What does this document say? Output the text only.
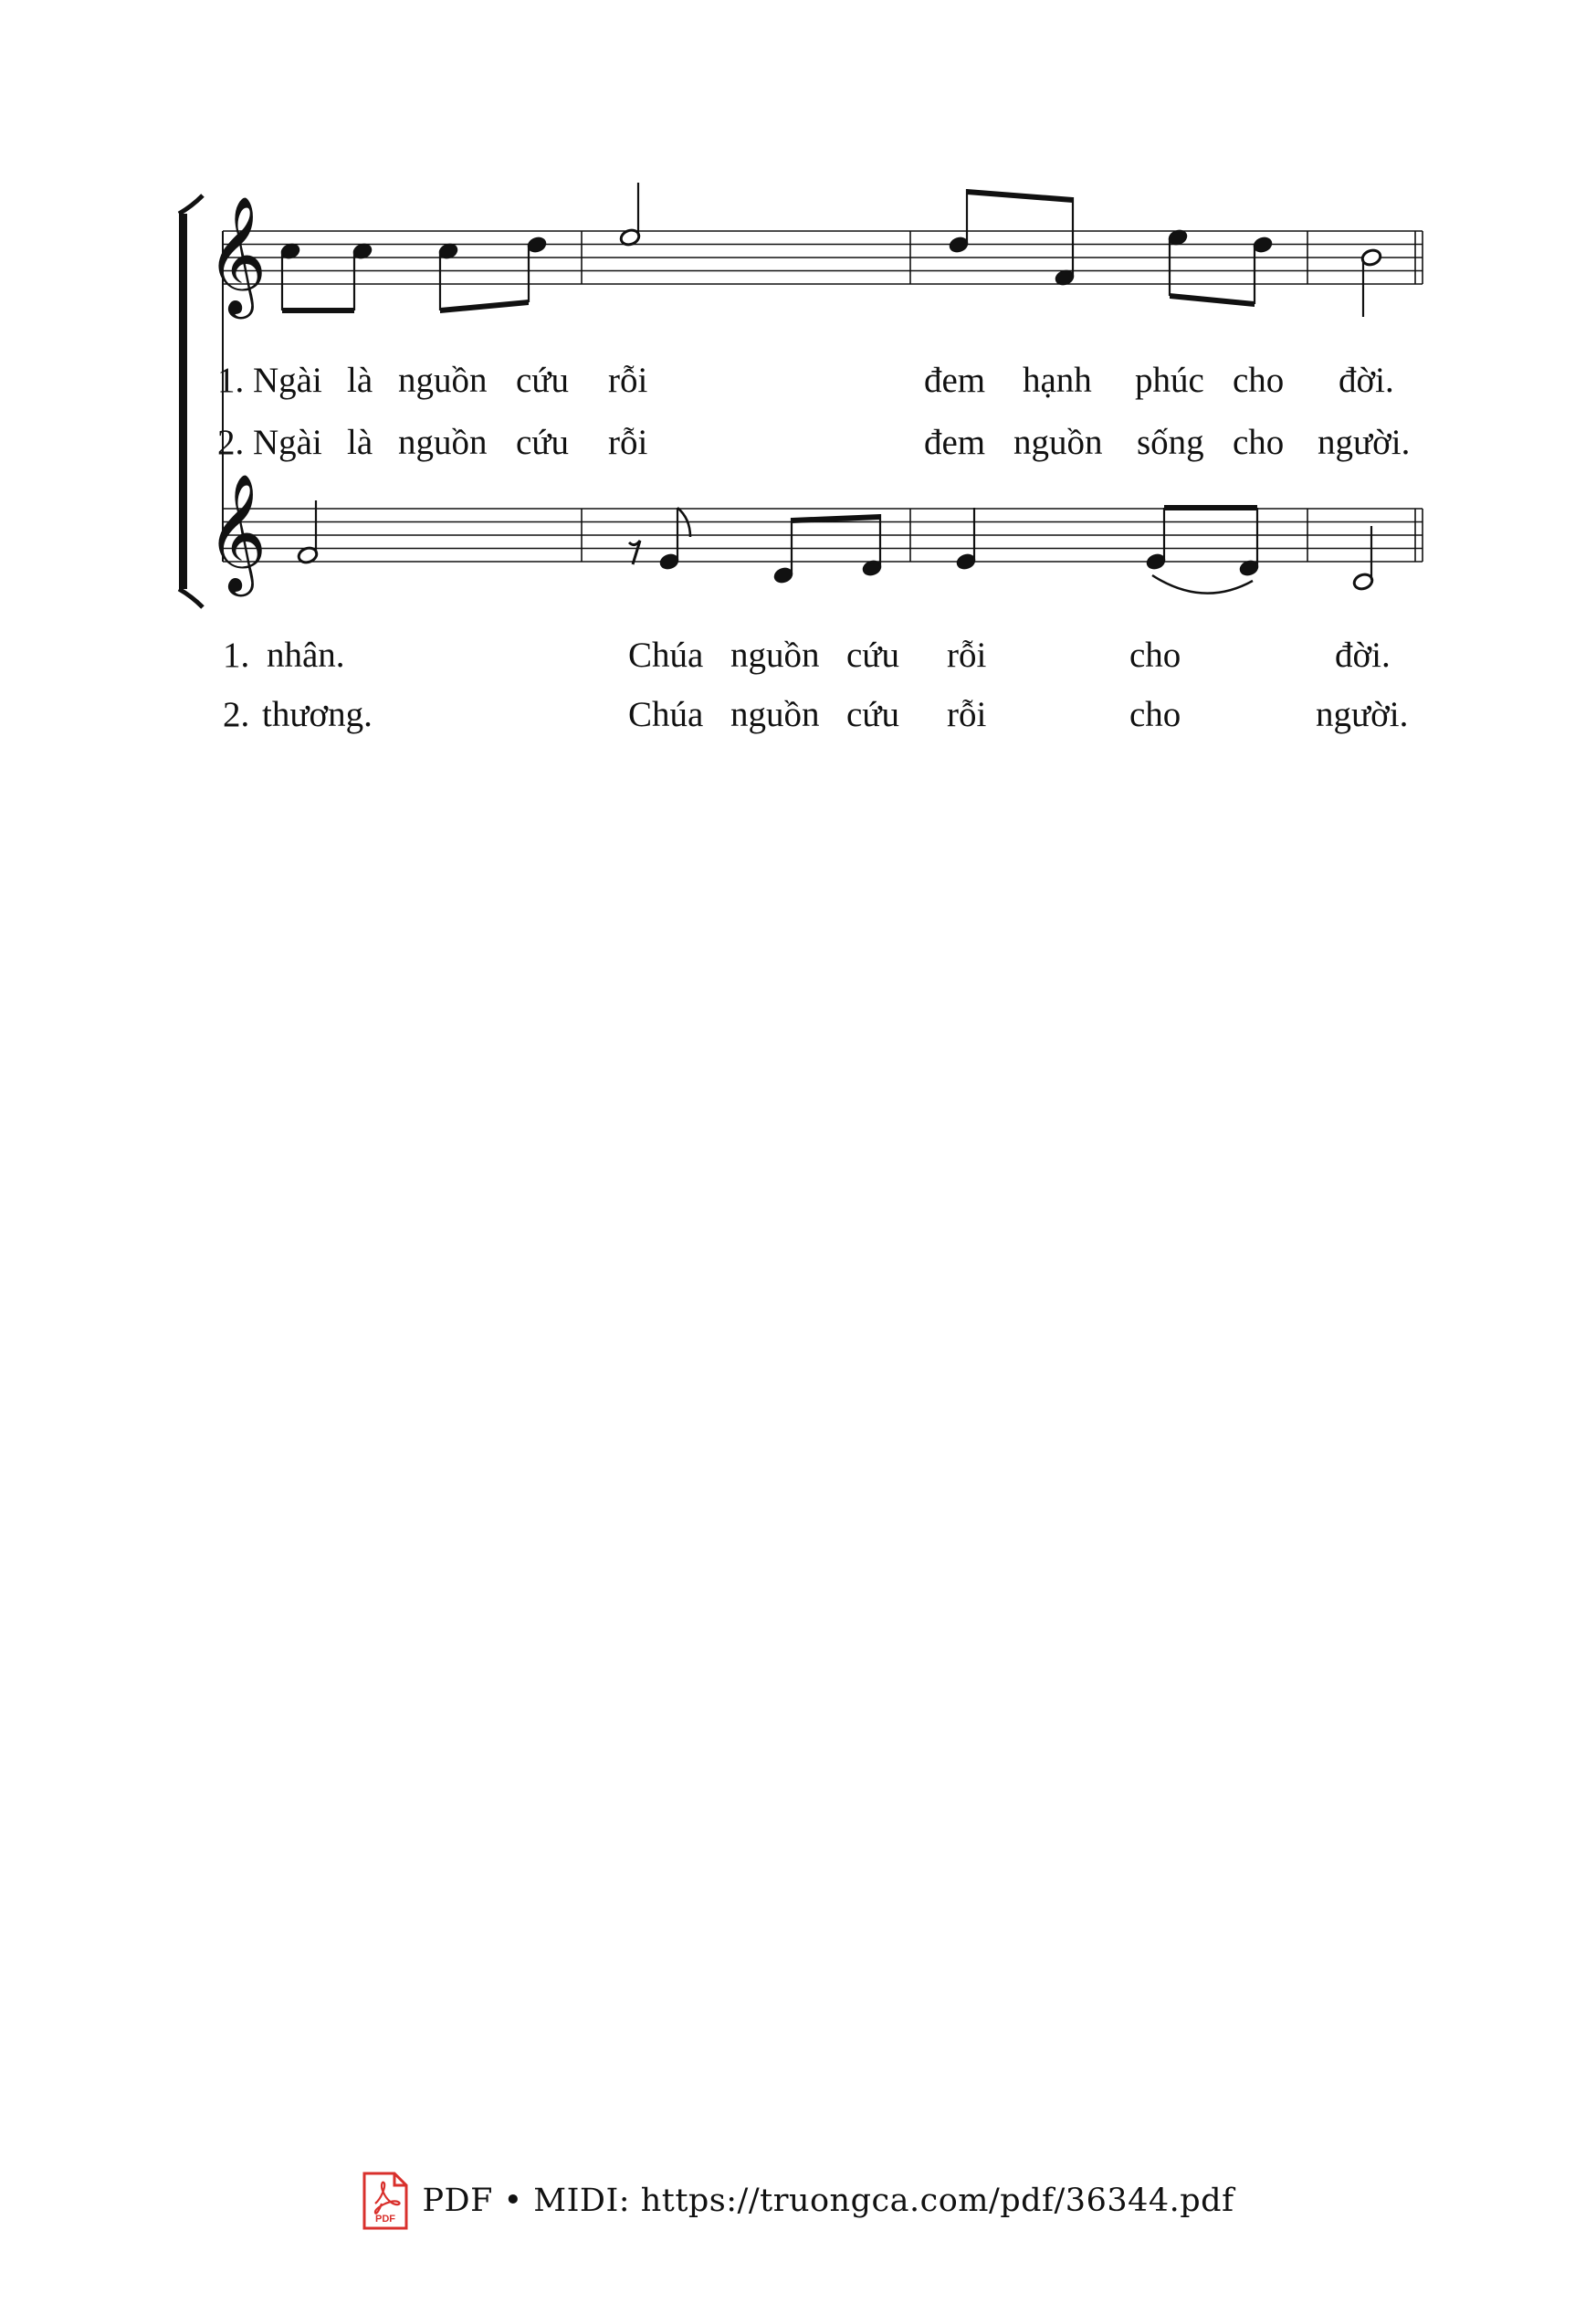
𝄞
𝄞
1. Ngài là nguồn cứu rỗi	đem hạnh phúc cho đời.
2. Ngài là nguồn cứu rỗi	đem nguồn sống cho người.
1. nhân.	Chúa nguồn cứu rỗi	cho	đời.
2. thương.	Chúa nguồn cứu rỗi	cho	người.
PDF PDF • MIDI: https://truongca.com/pdf/36344.pdf
